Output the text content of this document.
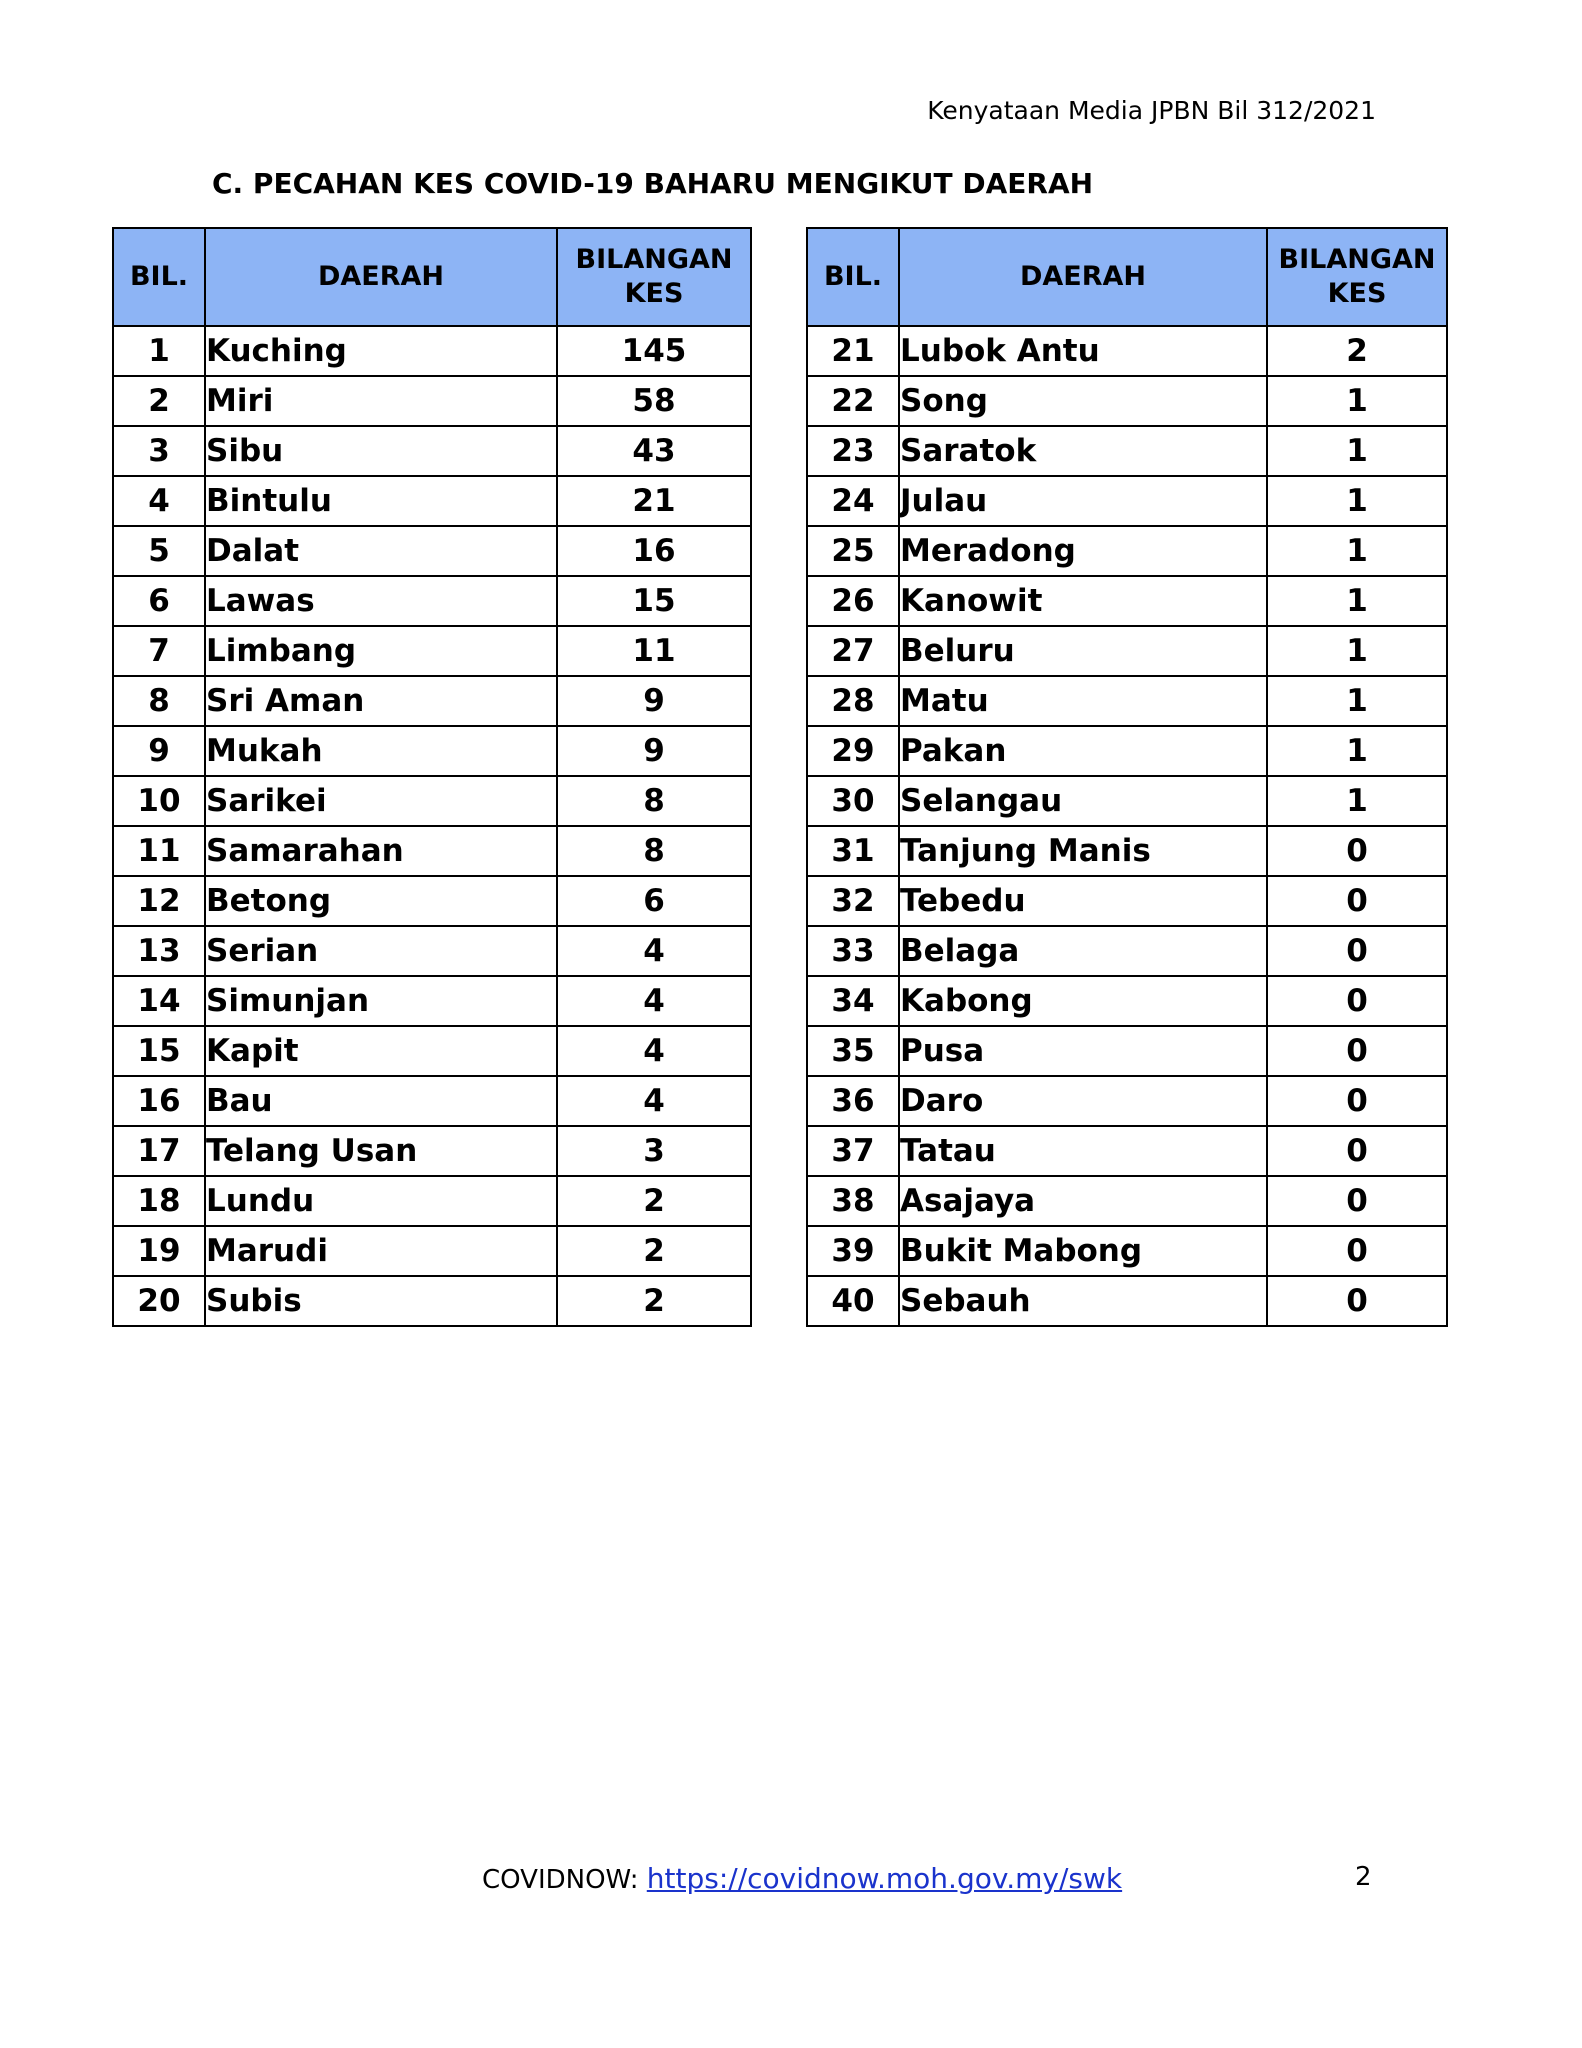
Kenyataan Media JPBN Bil 312/2021
C. PECAHAN KES COVID-19 BAHARU MENGIKUT DAERAH
BIL.	DAERAH	BILANGAN
KES
1	Kuching	145
2	Miri	58
3	Sibu	43
4	Bintulu	21
5	Dalat	16
6	Lawas	15
7	Limbang	11
8	Sri Aman	9
9	Mukah	9
10	Sarikei	8
11	Samarahan	8
12	Betong	6
13	Serian	4
14	Simunjan	4
15	Kapit	4
16	Bau	4
17	Telang Usan	3
18	Lundu	2
19	Marudi	2
20	Subis	2
BIL.	DAERAH	BILANGAN
KES
21	Lubok Antu	2
22	Song	1
23	Saratok	1
24	Julau	1
25	Meradong	1
26	Kanowit	1
27	Beluru	1
28	Matu	1
29	Pakan	1
30	Selangau	1
31	Tanjung Manis	0
32	Tebedu	0
33	Belaga	0
34	Kabong	0
35	Pusa	0
36	Daro	0
37	Tatau	0
38	Asajaya	0
39	Bukit Mabong	0
40	Sebauh	0
COVIDNOW: https://covidnow.moh.gov.my/swk	2
